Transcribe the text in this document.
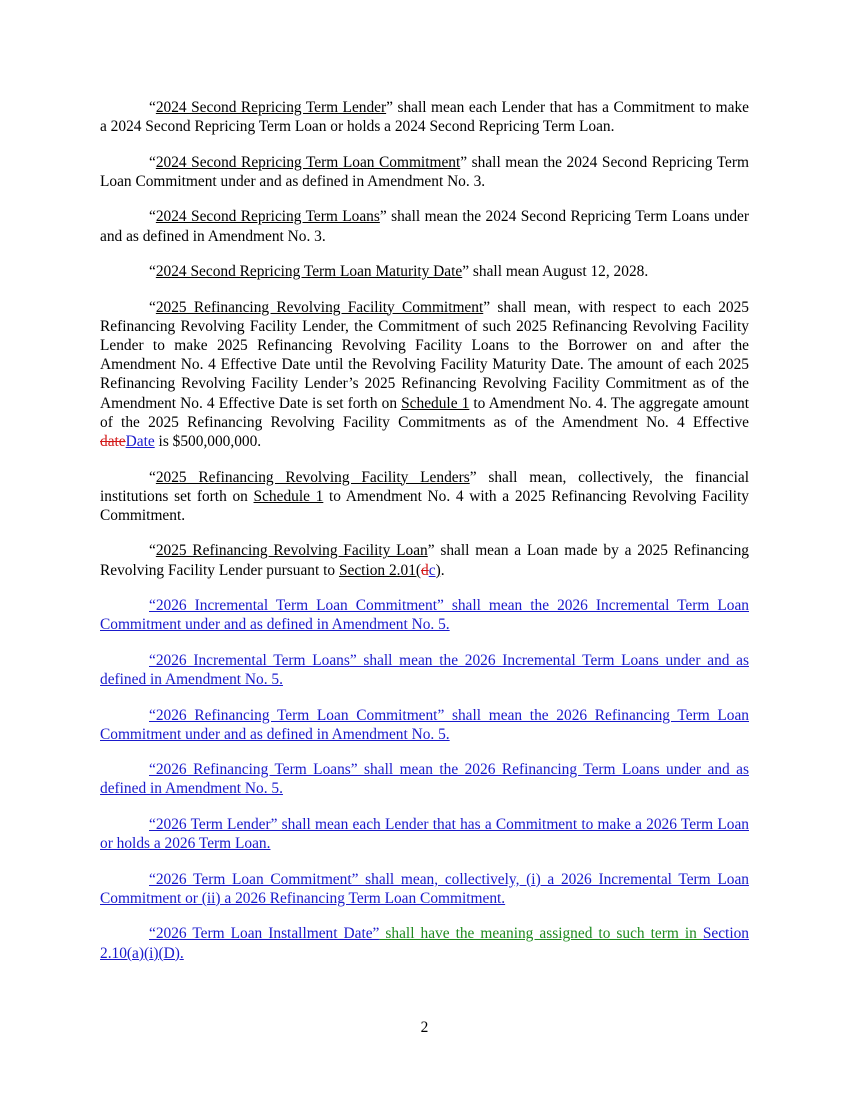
“2024 Second Repricing Term Lender” shall mean each Lender that has a Commitment to make a 2024 Second Repricing Term Loan or holds a 2024 Second Repricing Term Loan.

“2024 Second Repricing Term Loan Commitment” shall mean the 2024 Second Repricing Term Loan Commitment under and as defined in Amendment No. 3.

“2024 Second Repricing Term Loans” shall mean the 2024 Second Repricing Term Loans under and as defined in Amendment No. 3.

“2024 Second Repricing Term Loan Maturity Date” shall mean August 12, 2028.

“2025 Refinancing Revolving Facility Commitment” shall mean, with respect to each 2025 Refinancing Revolving Facility Lender, the Commitment of such 2025 Refinancing Revolving Facility Lender to make 2025 Refinancing Revolving Facility Loans to the Borrower on and after the Amendment No. 4 Effective Date until the Revolving Facility Maturity Date. The amount of each 2025 Refinancing Revolving Facility Lender’s 2025 Refinancing Revolving Facility Commitment as of the Amendment No. 4 Effective Date is set forth on Schedule 1 to Amendment No. 4. The aggregate amount of the 2025 Refinancing Revolving Facility Commitments as of the Amendment No. 4 Effective dateDate is $500,000,000.

“2025 Refinancing Revolving Facility Lenders” shall mean, collectively, the financial institutions set forth on Schedule 1 to Amendment No. 4 with a 2025 Refinancing Revolving Facility Commitment.

“2025 Refinancing Revolving Facility Loan” shall mean a Loan made by a 2025 Refinancing Revolving Facility Lender pursuant to Section 2.01(dc).

“2026 Incremental Term Loan Commitment” shall mean the 2026 Incremental Term Loan Commitment under and as defined in Amendment No. 5.

“2026 Incremental Term Loans” shall mean the 2026 Incremental Term Loans under and as defined in Amendment No. 5.

“2026 Refinancing Term Loan Commitment” shall mean the 2026 Refinancing Term Loan Commitment under and as defined in Amendment No. 5.

“2026 Refinancing Term Loans” shall mean the 2026 Refinancing Term Loans under and as defined in Amendment No. 5.

“2026 Term Lender” shall mean each Lender that has a Commitment to make a 2026 Term Loan or holds a 2026 Term Loan.

“2026 Term Loan Commitment” shall mean, collectively, (i) a 2026 Incremental Term Loan Commitment or (ii) a 2026 Refinancing Term Loan Commitment.

“2026 Term Loan Installment Date” shall have the meaning assigned to such term in Section 2.10(a)(i)(D).

2
